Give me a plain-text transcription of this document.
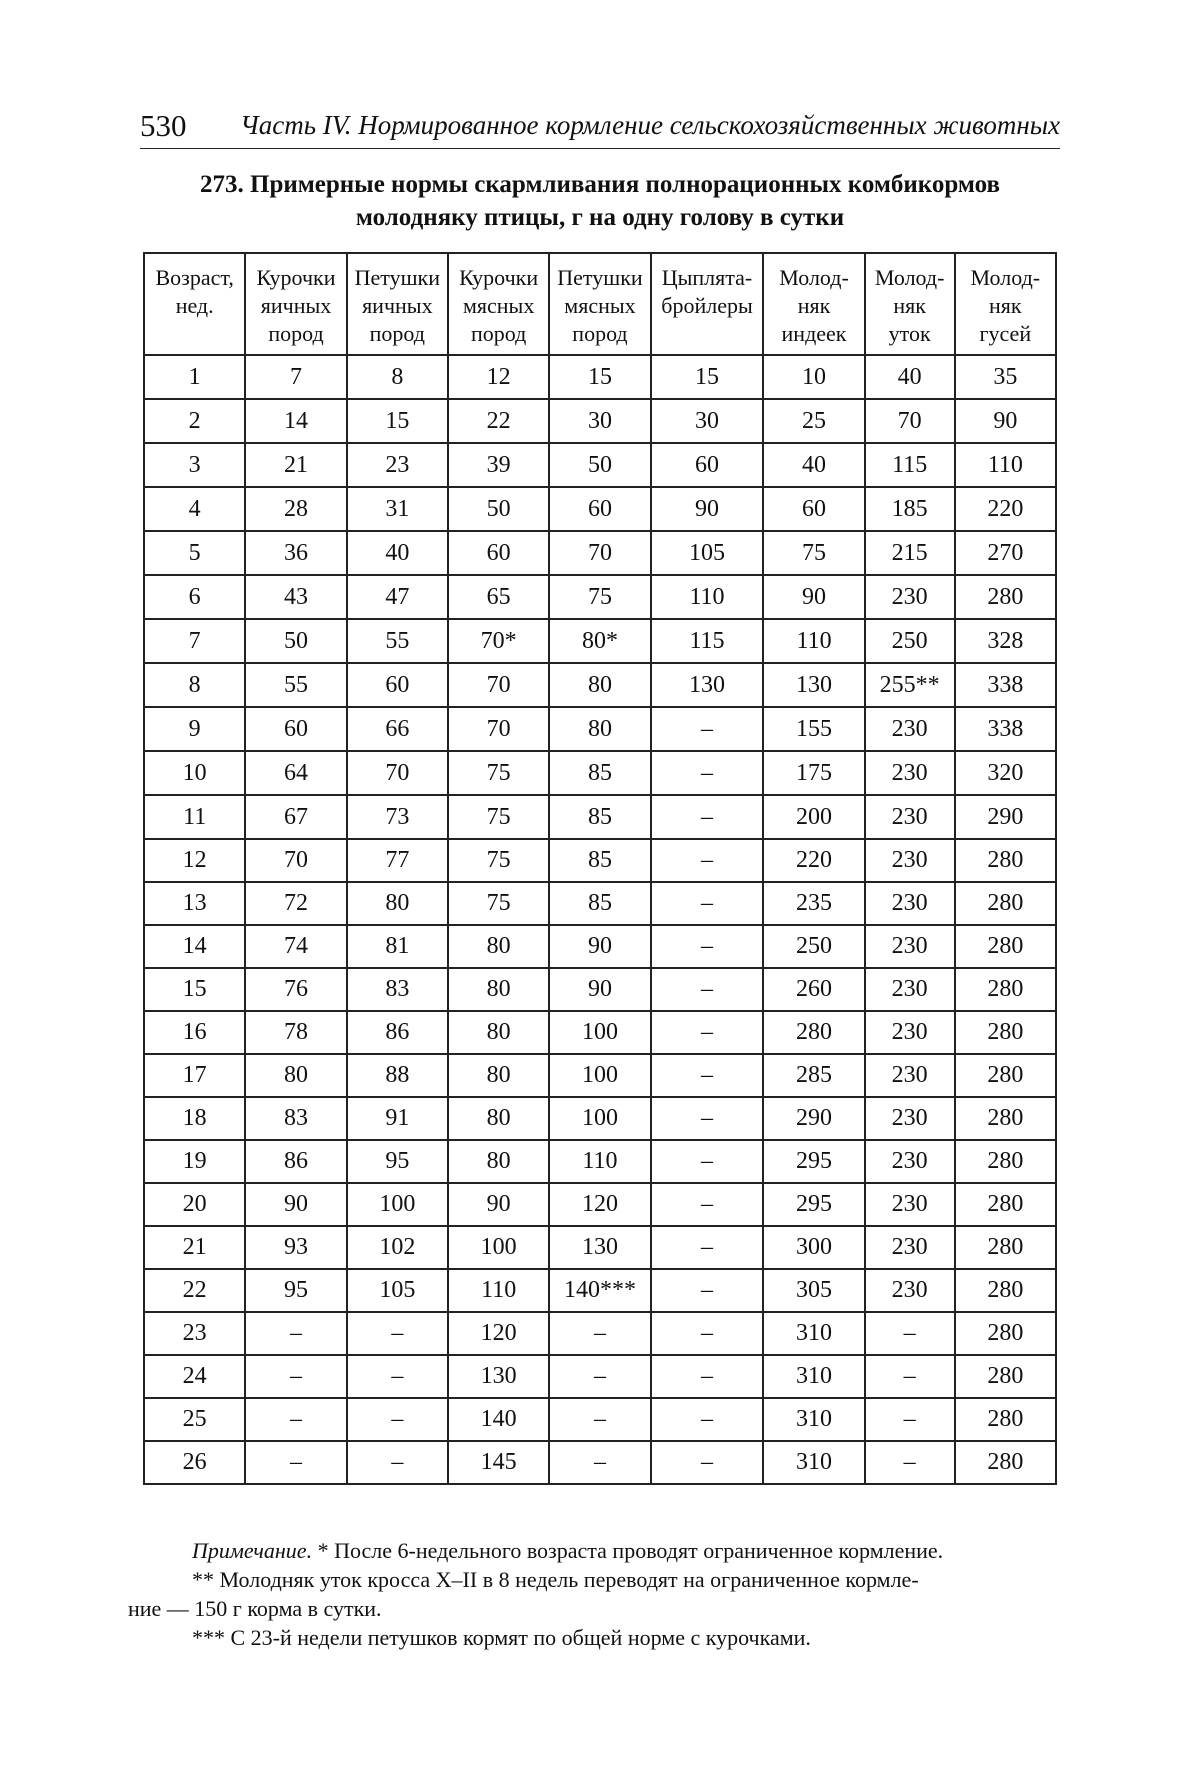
530 Часть IV. Нормированное кормление сельскохозяйственных животных
273. Примерные нормы скармливания полнорационных комбикормов
молодняку птицы, г на одну голову в сутки
Возраст,
нед.	Курочки
яичных
пород	Петушки
яичных
пород	Курочки
мясных
пород	Петушки
мясных
пород	Цыплята-
бройлеры	Молод-
няк
индеек	Молод-
няк
уток	Молод-
няк
гусей

1	7	8	12	15	15	10	40	35
2	14	15	22	30	30	25	70	90
3	21	23	39	50	60	40	115	110
4	28	31	50	60	90	60	185	220
5	36	40	60	70	105	75	215	270
6	43	47	65	75	110	90	230	280
7	50	55	70*	80*	115	110	250	328
8	55	60	70	80	130	130	255**	338
9	60	66	70	80	–	155	230	338
10	64	70	75	85	–	175	230	320
11	67	73	75	85	–	200	230	290
12	70	77	75	85	–	220	230	280
13	72	80	75	85	–	235	230	280
14	74	81	80	90	–	250	230	280
15	76	83	80	90	–	260	230	280
16	78	86	80	100	–	280	230	280
17	80	88	80	100	–	285	230	280
18	83	91	80	100	–	290	230	280
19	86	95	80	110	–	295	230	280
20	90	100	90	120	–	295	230	280
21	93	102	100	130	–	300	230	280
22	95	105	110	140***	–	305	230	280
23	–	–	120	–	–	310	–	280
24	–	–	130	–	–	310	–	280
25	–	–	140	–	–	310	–	280
26	–	–	145	–	–	310	–	280

Примечание. * После 6-недельного возраста проводят ограниченное кормление.

** Молодняк уток кросса X–II в 8 недель переводят на ограниченное кормле-

ние — 150 г корма в сутки.

*** С 23-й недели петушков кормят по общей норме с курочками.
